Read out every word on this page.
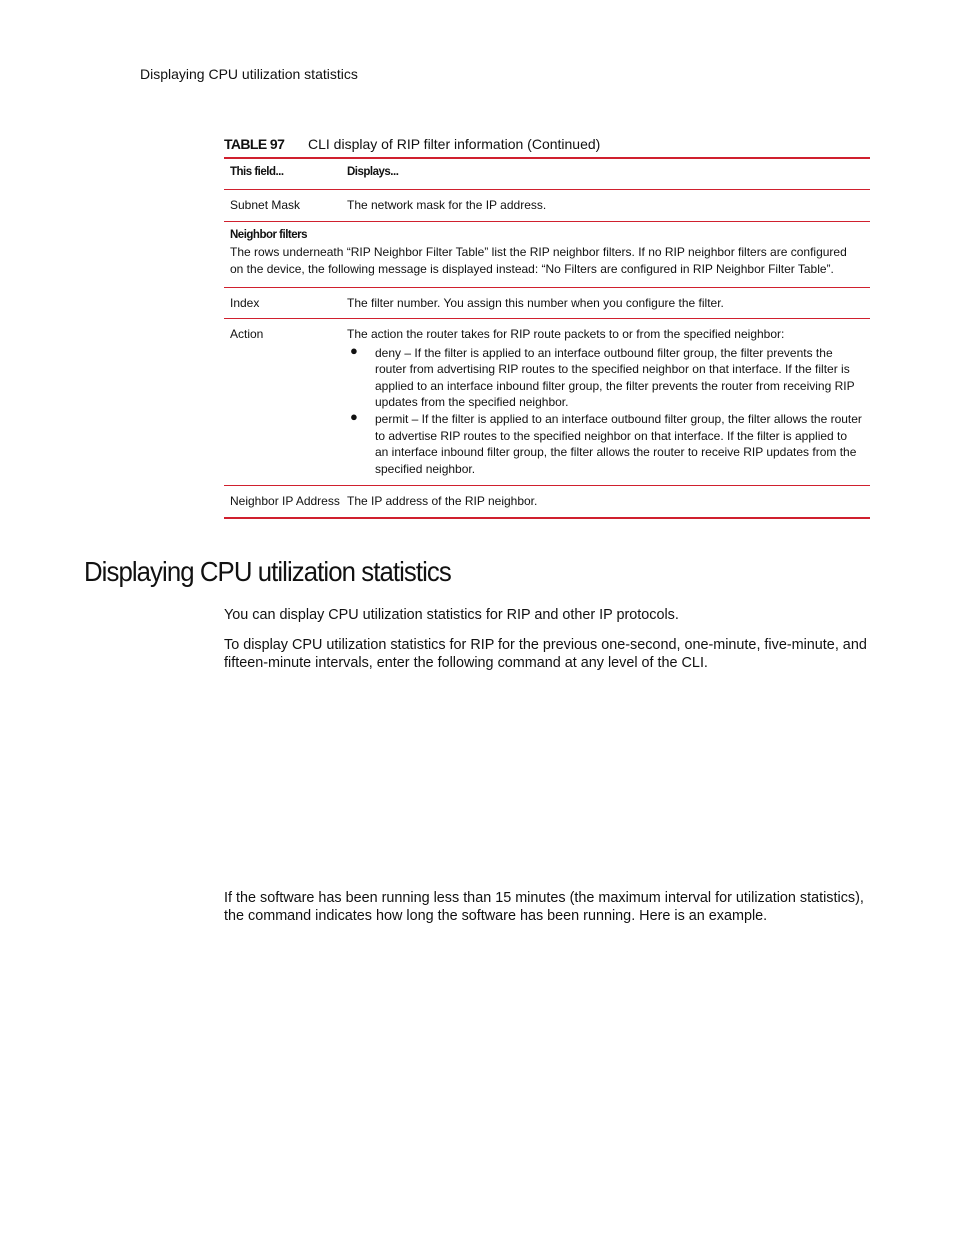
Displaying CPU utilization statistics
TABLE 97 CLI display of RIP filter information (Continued)
This field...	Displays...
Subnet Mask	The network mask for the IP address.
Neighbor filters
The rows underneath “RIP Neighbor Filter Table” list the RIP neighbor filters. If no RIP neighbor filters are configured on the device, the following message is displayed instead: “No Filters are configured in RIP Neighbor Filter Table”.
Index	The filter number. You assign this number when you configure the filter.
Action	The action the router takes for RIP route packets to or from the specified neighbor:
● deny – If the filter is applied to an interface outbound filter group, the filter prevents the router from advertising RIP routes to the specified neighbor on that interface. If the filter is applied to an interface inbound filter group, the filter prevents the router from receiving RIP updates from the specified neighbor.
● permit – If the filter is applied to an interface outbound filter group, the filter allows the router to advertise RIP routes to the specified neighbor on that interface. If the filter is applied to an interface inbound filter group, the filter allows the router to receive RIP updates from the specified neighbor.
Neighbor IP Address The IP address of the RIP neighbor.
Displaying CPU utilization statistics
You can display CPU utilization statistics for RIP and other IP protocols.
To display CPU utilization statistics for RIP for the previous one-second, one-minute, five-minute, and fifteen-minute intervals, enter the following command at any level of the CLI.
If the software has been running less than 15 minutes (the maximum interval for utilization statistics), the command indicates how long the software has been running. Here is an example.
